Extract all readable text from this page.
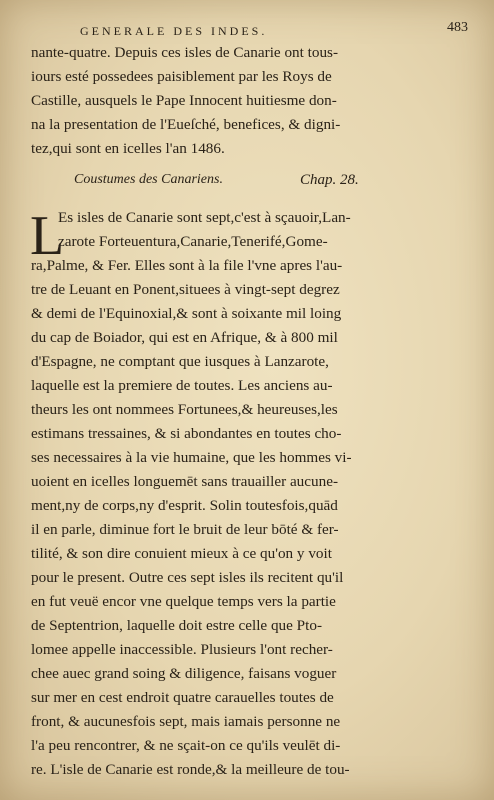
GENERALE DES INDES.	483
nante-quatre. Depuis ces isles de Canarie ont tous-
iours esté possedees paisiblement par les Roys de
Castille, ausquels le Pape Innocent huitiesme don-
na la presentation de l'Eueſché, benefices, & digni-
tez,qui sont en icelles l'an 1486.
Coustumes des Canariens.	Chap. 28.
L
Es isles de Canarie sont sept,c'est à sçauoir,Lan-
zarote Forteuentura,Canarie,Tenerifé,Gome-
ra,Palme, & Fer. Elles sont à la file l'vne apres l'au-
tre de Leuant en Ponent,situees à vingt-sept degrez
& demi de l'Equinoxial,& sont à soixante mil loing
du cap de Boiador, qui est en Afrique, & à 800 mil
d'Espagne, ne comptant que iusques à Lanzarote,
laquelle est la premiere de toutes. Les anciens au-
theurs les ont nommees Fortunees,& heureuses,les
estimans tressaines, & si abondantes en toutes cho-
ses necessaires à la vie humaine, que les hommes vi-
uoient en icelles longuemēt sans trauailler aucune-
ment,ny de corps,ny d'esprit. Solin toutesfois,quād
il en parle, diminue fort le bruit de leur bōté & fer-
tilité, & son dire conuient mieux à ce qu'on y voit
pour le present. Outre ces sept isles ils recitent qu'il
en fut veuë encor vne quelque temps vers la partie
de Septentrion, laquelle doit estre celle que Pto-
lomee appelle inaccessible. Plusieurs l'ont recher-
chee auec grand soing & diligence, faisans voguer
sur mer en cest endroit quatre carauelles toutes de
front, & aucunesfois sept, mais iamais personne ne
l'a peu rencontrer, & ne sçait-on ce qu'ils veulēt di-
re. L'isle de Canarie est ronde,& la meilleure de tou-
